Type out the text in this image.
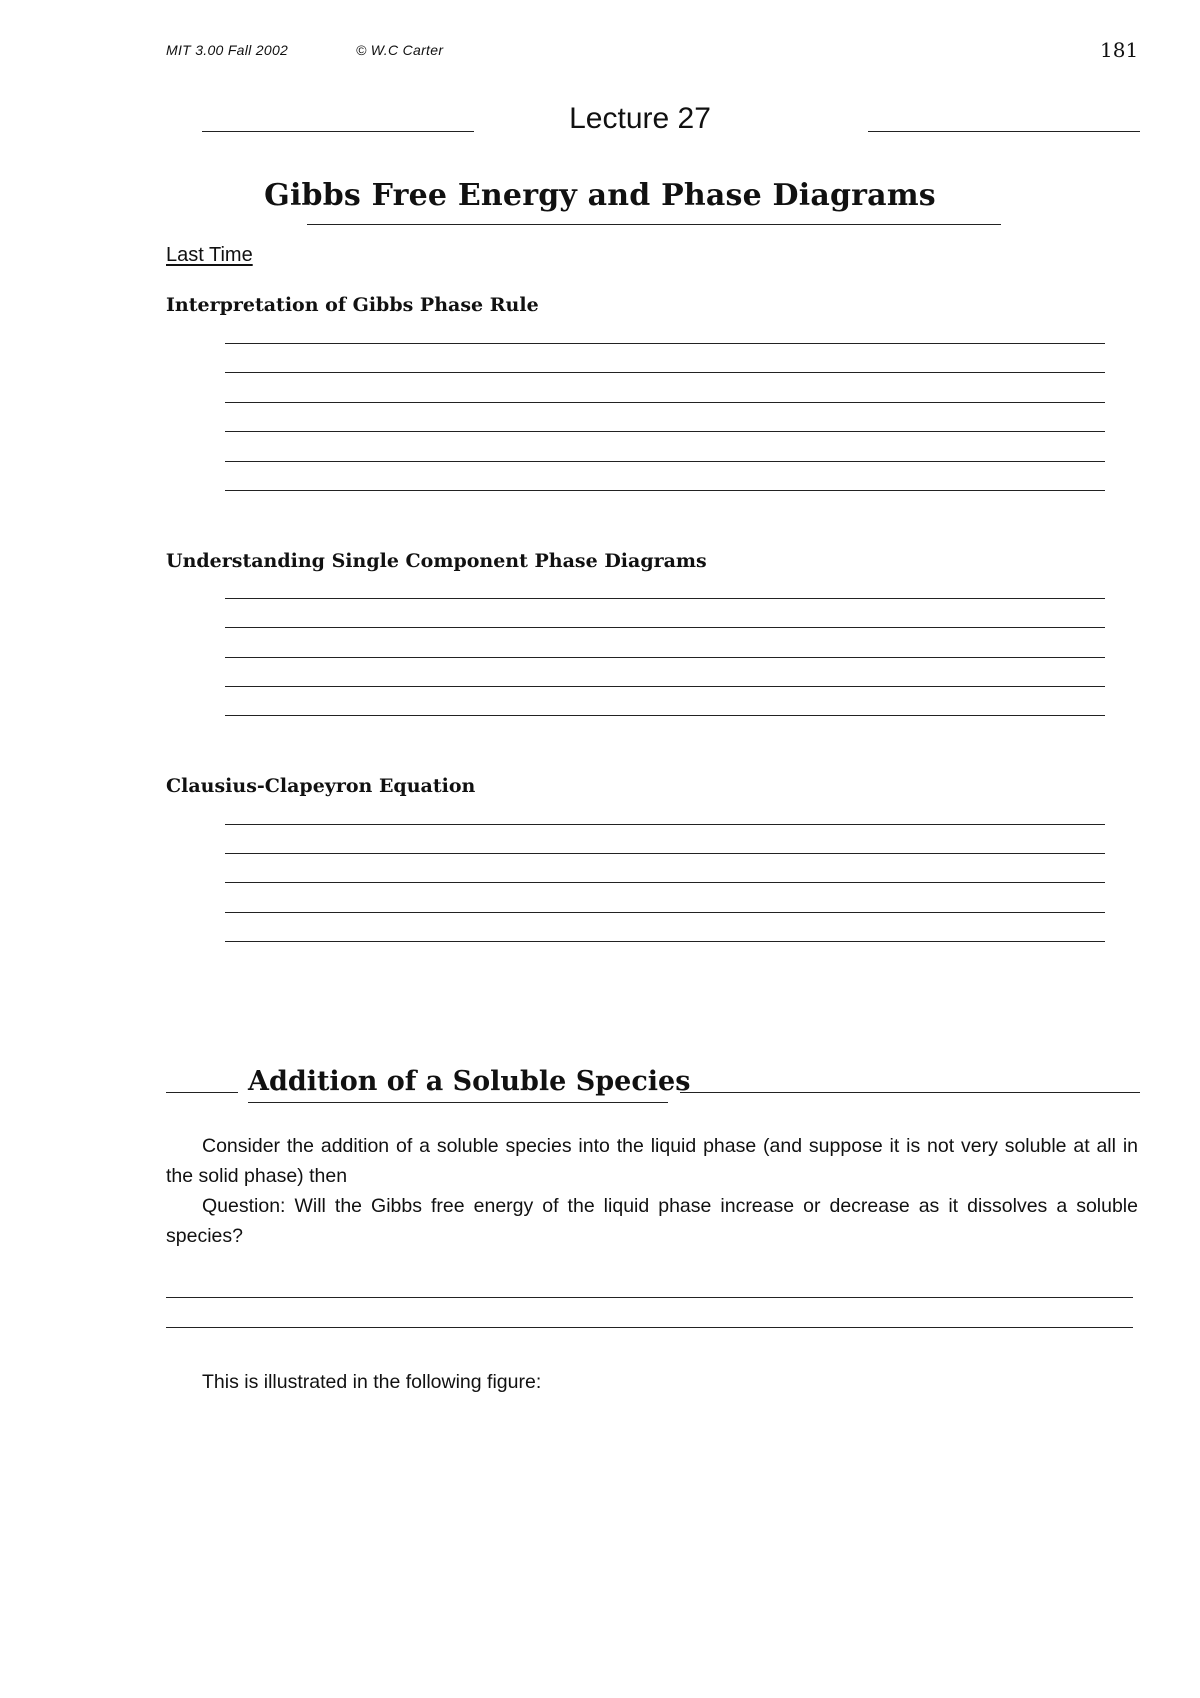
MIT 3.00 Fall 2002	© W.C Carter	181
Lecture 27
Gibbs Free Energy and Phase Diagrams
Last Time
Interpretation of Gibbs Phase Rule
Understanding Single Component Phase Diagrams
Clausius-Clapeyron Equation
Addition of a Soluble Species
Consider the addition of a soluble species into the liquid phase (and suppose it is not very soluble at all in the solid phase) then
Question: Will the Gibbs free energy of the liquid phase increase or decrease as it dissolves a soluble species?
This is illustrated in the following figure:
